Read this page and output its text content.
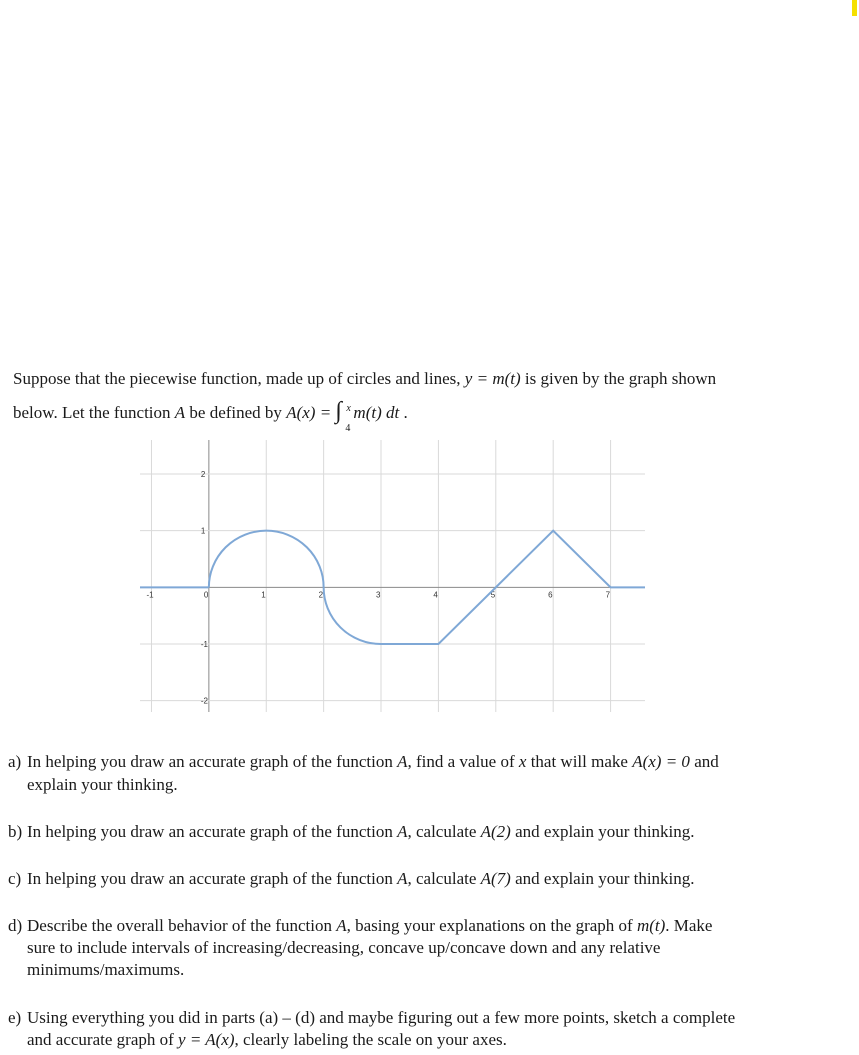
Suppose that the piecewise function, made up of circles and lines, y = m(t) is given by the graph shown

below. Let the function A be defined by A(x) = ∫ x
4
m(t) dt .

-1	0	1	2	3	4	5	6	7
2
1
-1
-2
a) In helping you draw an accurate graph of the function A, find a value of x that will make A(x) = 0 and
explain your thinking.
b) In helping you draw an accurate graph of the function A, calculate A(2) and explain your thinking.
c) In helping you draw an accurate graph of the function A, calculate A(7) and explain your thinking.
d) Describe the overall behavior of the function A, basing your explanations on the graph of m(t). Make
sure to include intervals of increasing/decreasing, concave up/concave down and any relative
minimums/maximums.
e) Using everything you did in parts (a) – (d) and maybe figuring out a few more points, sketch a complete
and accurate graph of y = A(x), clearly labeling the scale on your axes.
